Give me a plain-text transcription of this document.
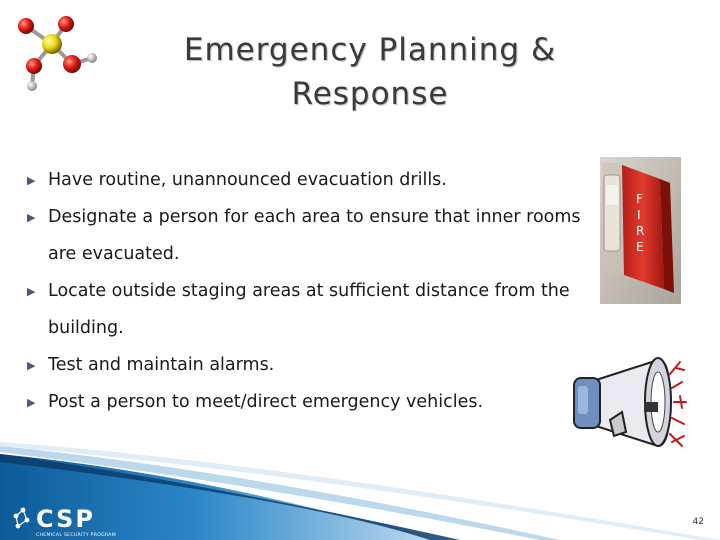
Emergency Planning &
Response
▶ Have routine, unannounced evacuation drills.
▶ Designate a person for each area to ensure that inner rooms are evacuated.
▶ Locate outside staging areas at sufficient distance from the building.
▶ Test and maintain alarms.
▶ Post a person to meet/direct emergency vehicles.
F
I
R
E
CSP
CHEMICAL SECURITY PROGRAM
42
